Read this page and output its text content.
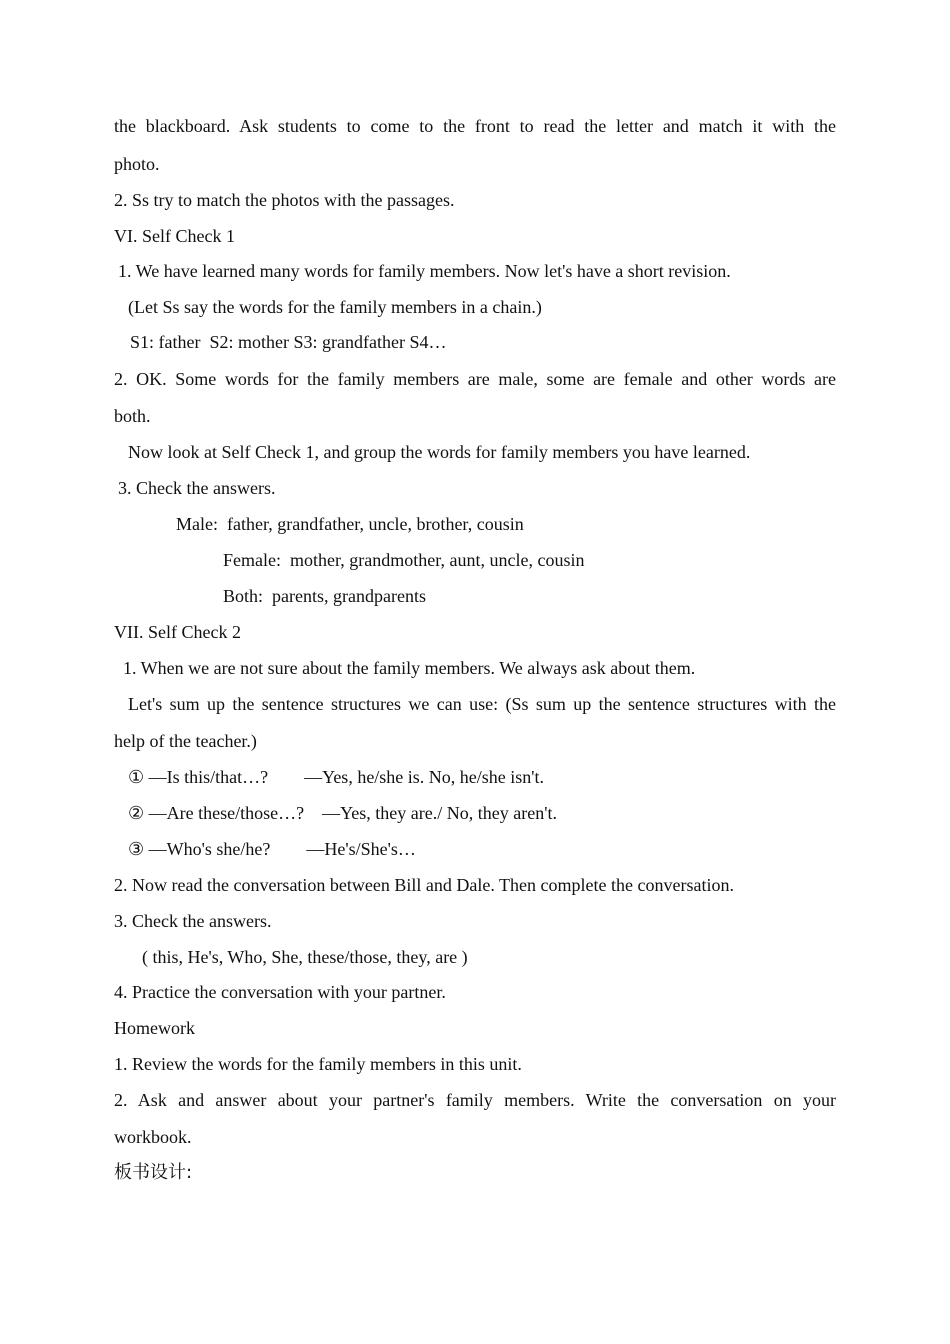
the blackboard. Ask students to come to the front to read the letter and match it with the
photo.
2. Ss try to match the photos with the passages.
VI. Self Check 1
1. We have learned many words for family members. Now let's have a short revision.
(Let Ss say the words for the family members in a chain.)
S1: father  S2: mother S3: grandfather S4…
2. OK. Some words for the family members are male, some are female and other words are
both.
Now look at Self Check 1, and group the words for family members you have learned.
3. Check the answers.
Male:  father, grandfather, uncle, brother, cousin
Female:  mother, grandmother, aunt, uncle, cousin
Both:  parents, grandparents
VII. Self Check 2
1. When we are not sure about the family members. We always ask about them.
Let's sum up the sentence structures we can use: (Ss sum up the sentence structures with the
help of the teacher.)
① —Is this/that…?        —Yes, he/she is. No, he/she isn't.
② —Are these/those…?    —Yes, they are./ No, they aren't.
③ —Who's she/he?        —He's/She's…
2. Now read the conversation between Bill and Dale. Then complete the conversation.
3. Check the answers.
( this, He's, Who, She, these/those, they, are )
4. Practice the conversation with your partner.
Homework
1. Review the words for the family members in this unit.
2. Ask and answer about your partner's family members. Write the conversation on your
workbook.
板书设计:
